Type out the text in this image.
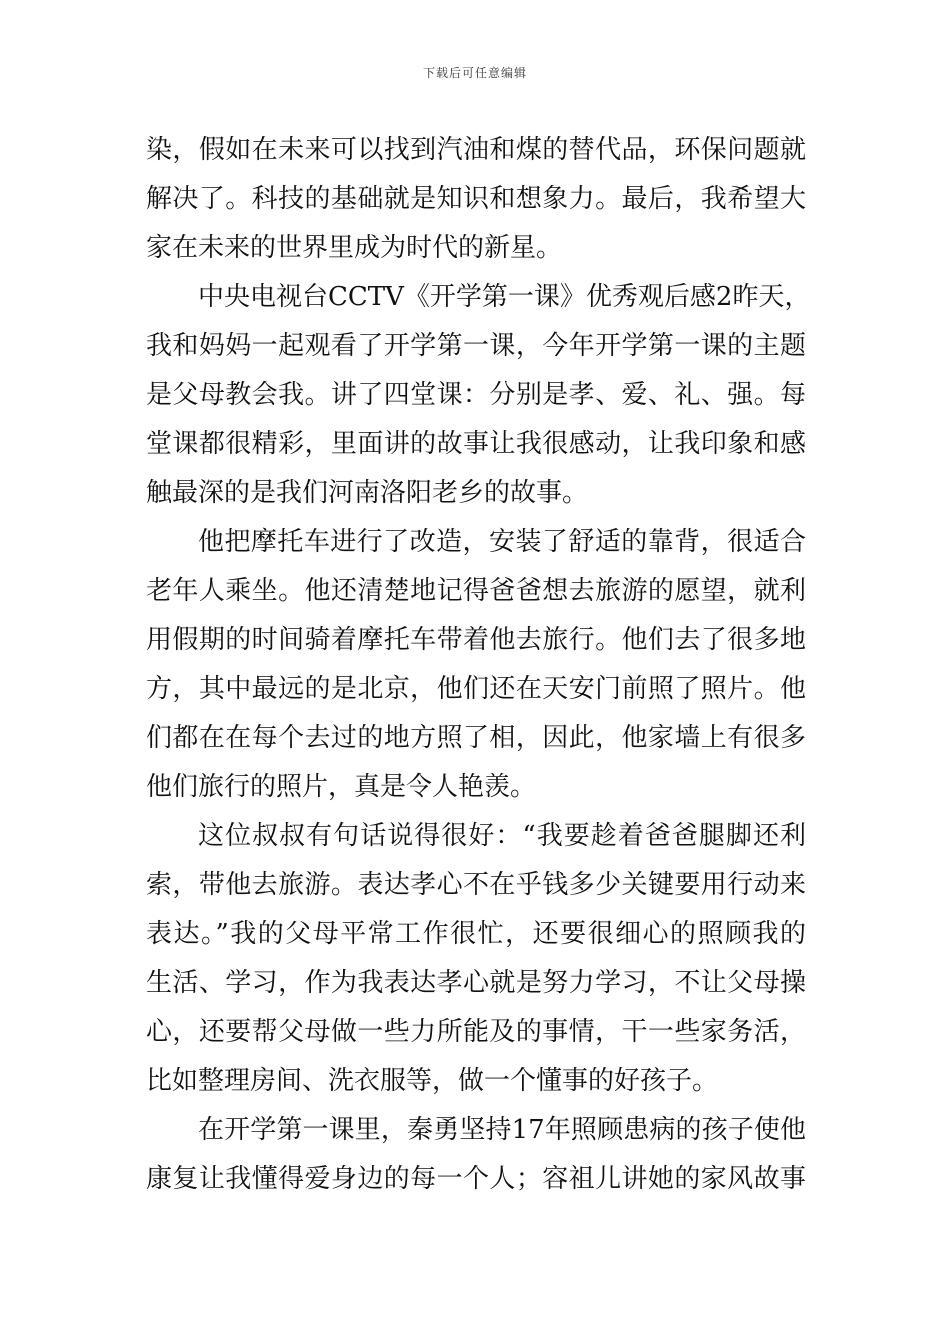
下载后可任意编辑
染，假如在未来可以找到汽油和煤的替代品，环保问题就
解决了。科技的基础就是知识和想象力。最后，我希望大
家在未来的世界里成为时代的新星。
中央电视台CCTV《开学第一课》优秀观后感2昨天，
我和妈妈一起观看了开学第一课，今年开学第一课的主题
是父母教会我。讲了四堂课：分别是孝、爱、礼、强。每
堂课都很精彩，里面讲的故事让我很感动，让我印象和感
触最深的是我们河南洛阳老乡的故事。
他把摩托车进行了改造，安装了舒适的靠背，很适合
老年人乘坐。他还清楚地记得爸爸想去旅游的愿望，就利
用假期的时间骑着摩托车带着他去旅行。他们去了很多地
方，其中最远的是北京，他们还在天安门前照了照片。他
们都在在每个去过的地方照了相，因此，他家墙上有很多
他们旅行的照片，真是令人艳羡。
这位叔叔有句话说得很好：“我要趁着爸爸腿脚还利
索，带他去旅游。表达孝心不在乎钱多少关键要用行动来
表达。”我的父母平常工作很忙，还要很细心的照顾我的
生活、学习，作为我表达孝心就是努力学习，不让父母操
心，还要帮父母做一些力所能及的事情，干一些家务活，
比如整理房间、洗衣服等，做一个懂事的好孩子。
在开学第一课里，秦勇坚持17年照顾患病的孩子使他
康复让我懂得爱身边的每一个人；容祖儿讲她的家风故事
